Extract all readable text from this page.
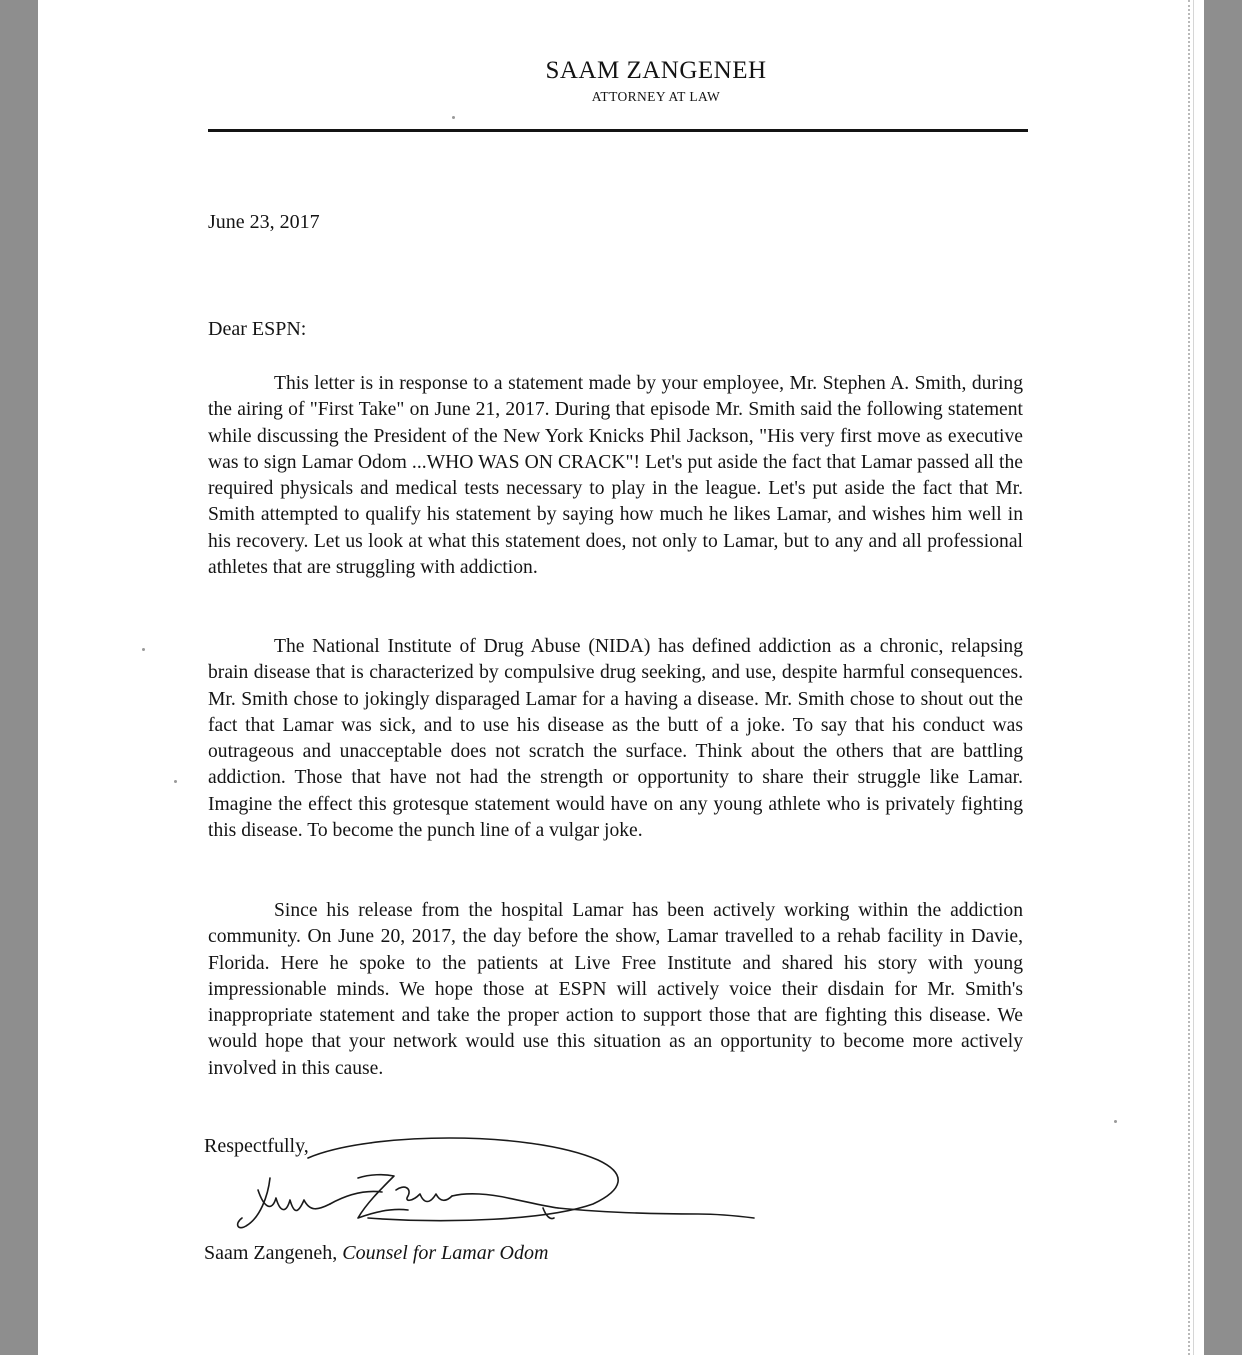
SAAM ZANGENEH
ATTORNEY AT LAW
June 23, 2017
Dear ESPN:

This letter is in response to a statement made by your employee, Mr. Stephen A. Smith, during the airing of "First Take" on June 21, 2017. During that episode Mr. Smith said the following statement while discussing the President of the New York Knicks Phil Jackson, "His very first move as executive was to sign Lamar Odom ...WHO WAS ON CRACK"! Let's put aside the fact that Lamar passed all the required physicals and medical tests necessary to play in the league. Let's put aside the fact that Mr. Smith attempted to qualify his statement by saying how much he likes Lamar, and wishes him well in his recovery. Let us look at what this statement does, not only to Lamar, but to any and all professional athletes that are struggling with addiction.

The National Institute of Drug Abuse (NIDA) has defined addiction as a chronic, relapsing brain disease that is characterized by compulsive drug seeking, and use, despite harmful consequences. Mr. Smith chose to jokingly disparaged Lamar for a having a disease. Mr. Smith chose to shout out the fact that Lamar was sick, and to use his disease as the butt of a joke. To say that his conduct was outrageous and unacceptable does not scratch the surface. Think about the others that are battling addiction. Those that have not had the strength or opportunity to share their struggle like Lamar. Imagine the effect this grotesque statement would have on any young athlete who is privately fighting this disease. To become the punch line of a vulgar joke.

Since his release from the hospital Lamar has been actively working within the addiction community. On June 20, 2017, the day before the show, Lamar travelled to a rehab facility in Davie, Florida. Here he spoke to the patients at Live Free Institute and shared his story with young impressionable minds. We hope those at ESPN will actively voice their disdain for Mr. Smith's inappropriate statement and take the proper action to support those that are fighting this disease. We would hope that your network would use this situation as an opportunity to become more actively involved in this cause.

Respectfully,
Saam Zangeneh, Counsel for Lamar Odom
